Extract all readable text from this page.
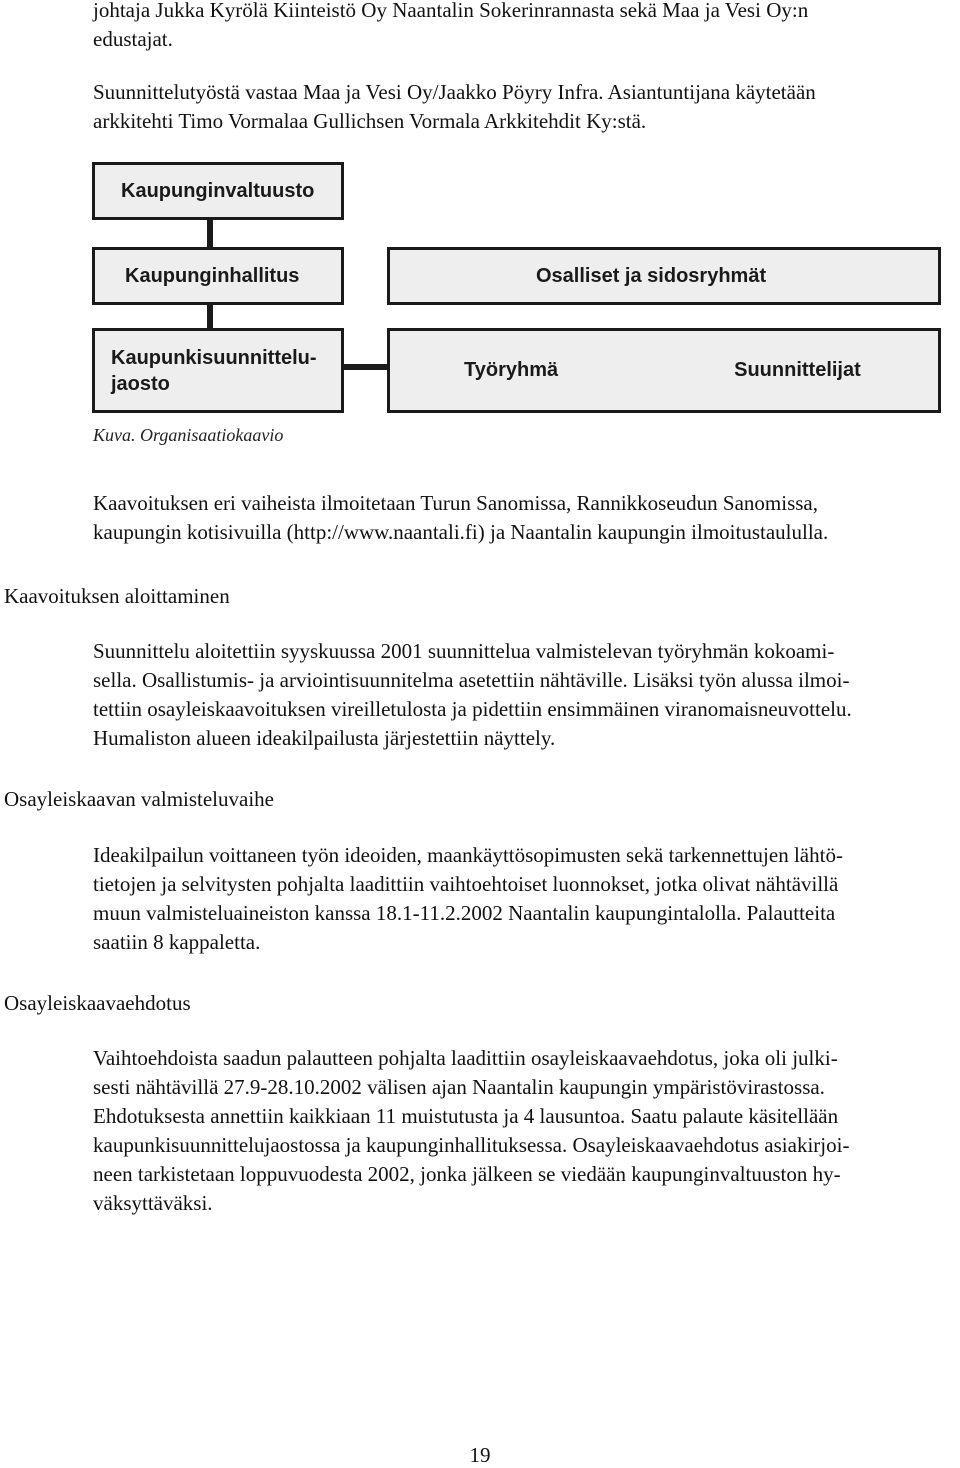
johtaja Jukka Kyrölä Kiinteistö Oy Naantalin Sokerinrannasta sekä Maa ja Vesi Oy:n
edustajat.
Suunnittelutyöstä vastaa Maa ja Vesi Oy/Jaakko Pöyry Infra. Asiantuntijana käytetään
arkkitehti Timo Vormalaa Gullichsen Vormala Arkkitehdit Ky:stä.
Kaupunginvaltuusto
Kaupunginhallitus	Osalliset ja sidosryhmät
Kaupunkisuunnittelu-
jaosto
Työryhmä	Suunnittelijat
Kuva. Organisaatiokaavio
Kaavoituksen eri vaiheista ilmoitetaan Turun Sanomissa, Rannikkoseudun Sanomissa,
kaupungin kotisivuilla (http://www.naantali.fi) ja Naantalin kaupungin ilmoitustaululla.
Kaavoituksen aloittaminen
Suunnittelu aloitettiin syyskuussa 2001 suunnittelua valmistelevan työryhmän kokoami-
sella. Osallistumis- ja arviointisuunnitelma asetettiin nähtäville. Lisäksi työn alussa ilmoi-
tettiin osayleiskaavoituksen vireilletulosta ja pidettiin ensimmäinen viranomaisneuvottelu.
Humaliston alueen ideakilpailusta järjestettiin näyttely.
Osayleiskaavan valmisteluvaihe
Ideakilpailun voittaneen työn ideoiden, maankäyttösopimusten sekä tarkennettujen lähtö-
tietojen ja selvitysten pohjalta laadittiin vaihtoehtoiset luonnokset, jotka olivat nähtävillä
muun valmisteluaineiston kanssa 18.1-11.2.2002 Naantalin kaupungintalolla. Palautteita
saatiin 8 kappaletta.
Osayleiskaavaehdotus
Vaihtoehdoista saadun palautteen pohjalta laadittiin osayleiskaavaehdotus, joka oli julki-
sesti nähtävillä 27.9-28.10.2002 välisen ajan Naantalin kaupungin ympäristövirastossa.
Ehdotuksesta annettiin kaikkiaan 11 muistutusta ja 4 lausuntoa. Saatu palaute käsitellään
kaupunkisuunnittelujaostossa ja kaupunginhallituksessa. Osayleiskaavaehdotus asiakirjoi-
neen tarkistetaan loppuvuodesta 2002, jonka jälkeen se viedään kaupunginvaltuuston hy-
väksyttäväksi.
19
